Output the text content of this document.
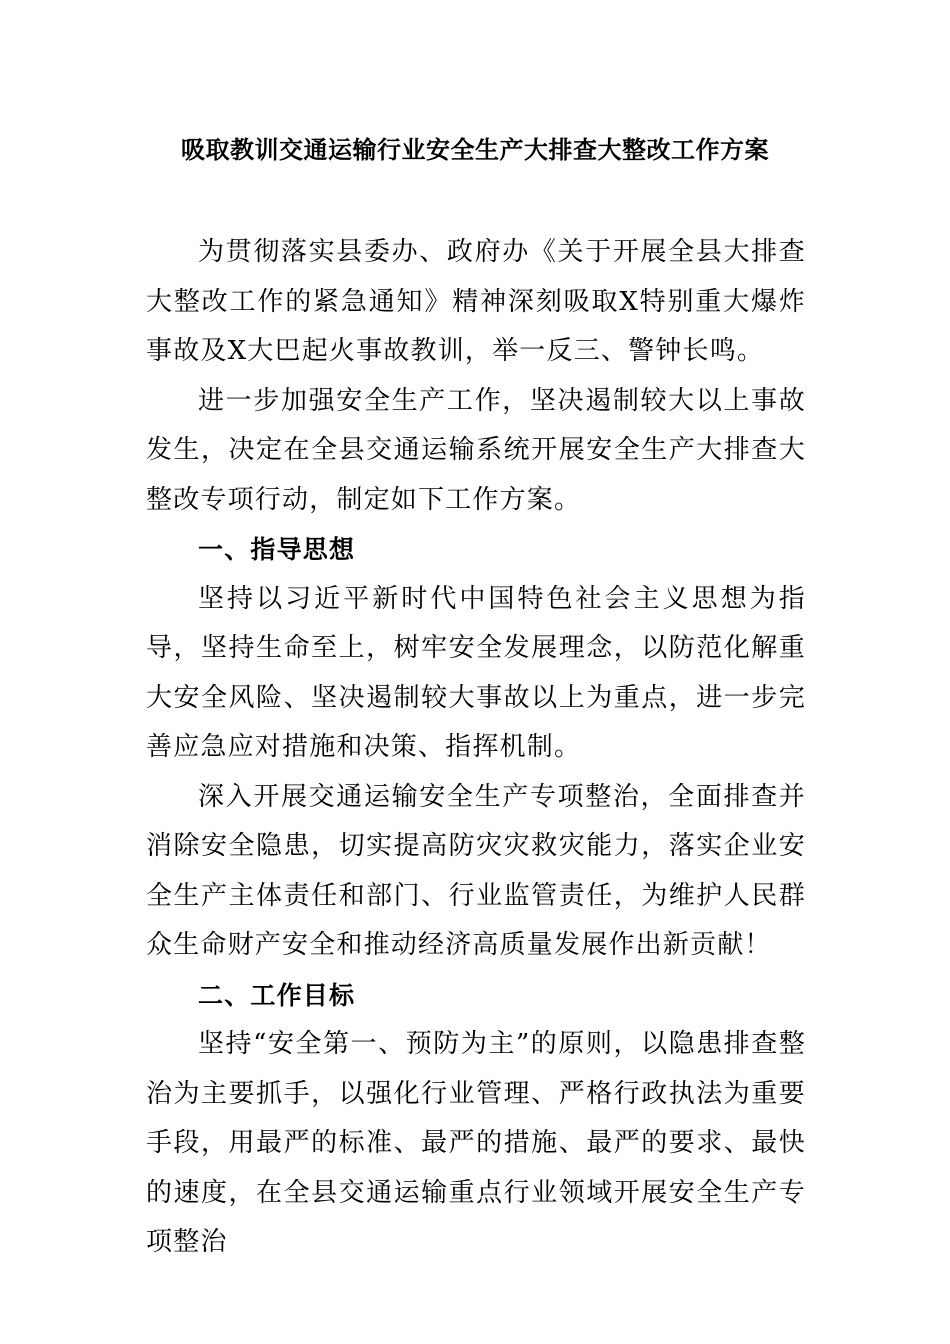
吸取教训交通运输行业安全生产大排查大整改工作方案

为贯彻落实县委办、政府办《关于开展全县大排查大整改工作的紧急通知》精神深刻吸取X特别重大爆炸事故及X大巴起火事故教训，举一反三、警钟长鸣。

进一步加强安全生产工作，坚决遏制较大以上事故发生，决定在全县交通运输系统开展安全生产大排查大整改专项行动，制定如下工作方案。

一、指导思想

坚持以习近平新时代中国特色社会主义思想为指导，坚持生命至上，树牢安全发展理念，以防范化解重大安全风险、坚决遏制较大事故以上为重点，进一步完善应急应对措施和决策、指挥机制。

深入开展交通运输安全生产专项整治，全面排查并消除安全隐患，切实提高防灾灾救灾能力，落实企业安全生产主体责任和部门、行业监管责任，为维护人民群众生命财产安全和推动经济高质量发展作出新贡献！

二、工作目标

坚持“安全第一、预防为主”的原则，以隐患排查整治为主要抓手，以强化行业管理、严格行政执法为重要手段，用最严的标准、最严的措施、最严的要求、最快的速度，在全县交通运输重点行业领域开展安全生产专项整治
